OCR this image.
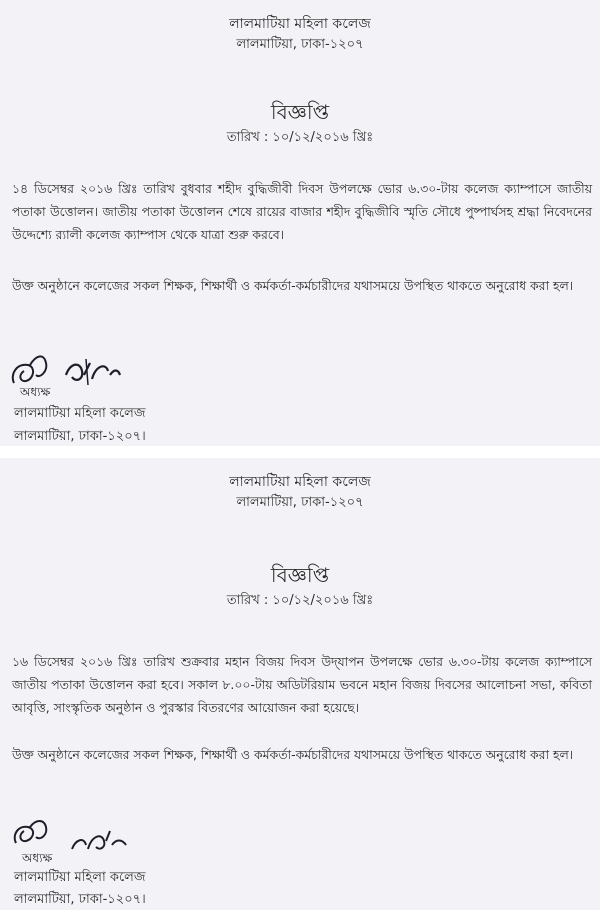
লালমাটিয়া মহিলা কলেজ
লালমাটিয়া, ঢাকা-১২০৭
বিজ্ঞপ্তি
তারিখ : ১০/১২/২০১৬ খ্রিঃ
১৪ ডিসেম্বর ২০১৬ খ্রিঃ তারিখ বুধবার শহীদ বুদ্ধিজীবী দিবস উপলক্ষে ভোর ৬.৩০-টায় কলেজ ক্যাম্পাসে জাতীয় পতাকা উত্তোলন। জাতীয় পতাকা উত্তোলন শেষে রায়ের বাজার শহীদ বুদ্ধিজীবি স্মৃতি সৌধে পুষ্পার্ঘসহ শ্রদ্ধা নিবেদনের উদ্দেশ্যে র‌্যালী কলেজ ক্যাম্পাস থেকে যাত্রা শুরু করবে।
উক্ত অনুষ্ঠানে কলেজের সকল শিক্ষক, শিক্ষার্থী ও কর্মকর্তা-কর্মচারীদের যথাসময়ে উপস্থিত থাকতে অনুরোধ করা হল।
অধ্যক্ষ
লালমাটিয়া মহিলা কলেজ
লালমাটিয়া, ঢাকা-১২০৭।
লালমাটিয়া মহিলা কলেজ
লালমাটিয়া, ঢাকা-১২০৭
বিজ্ঞপ্তি
তারিখ : ১০/১২/২০১৬ খ্রিঃ
১৬ ডিসেম্বর ২০১৬ খ্রিঃ তারিখ শুক্রবার মহান বিজয় দিবস উদ্‌যাপন উপলক্ষে ভোর ৬.৩০-টায় কলেজ ক্যাম্পাসে জাতীয় পতাকা উত্তোলন করা হবে। সকাল ৮.০০-টায় অডিটরিয়াম ভবনে মহান বিজয় দিবসের আলোচনা সভা, কবিতা আবৃত্তি, সাংস্কৃতিক অনুষ্ঠান ও পুরস্কার বিতরণের আয়োজন করা হয়েছে।
উক্ত অনুষ্ঠানে কলেজের সকল শিক্ষক, শিক্ষার্থী ও কর্মকর্তা-কর্মচারীদের যথাসময়ে উপস্থিত থাকতে অনুরোধ করা হল।
অধ্যক্ষ
লালমাটিয়া মহিলা কলেজ
লালমাটিয়া, ঢাকা-১২০৭।
